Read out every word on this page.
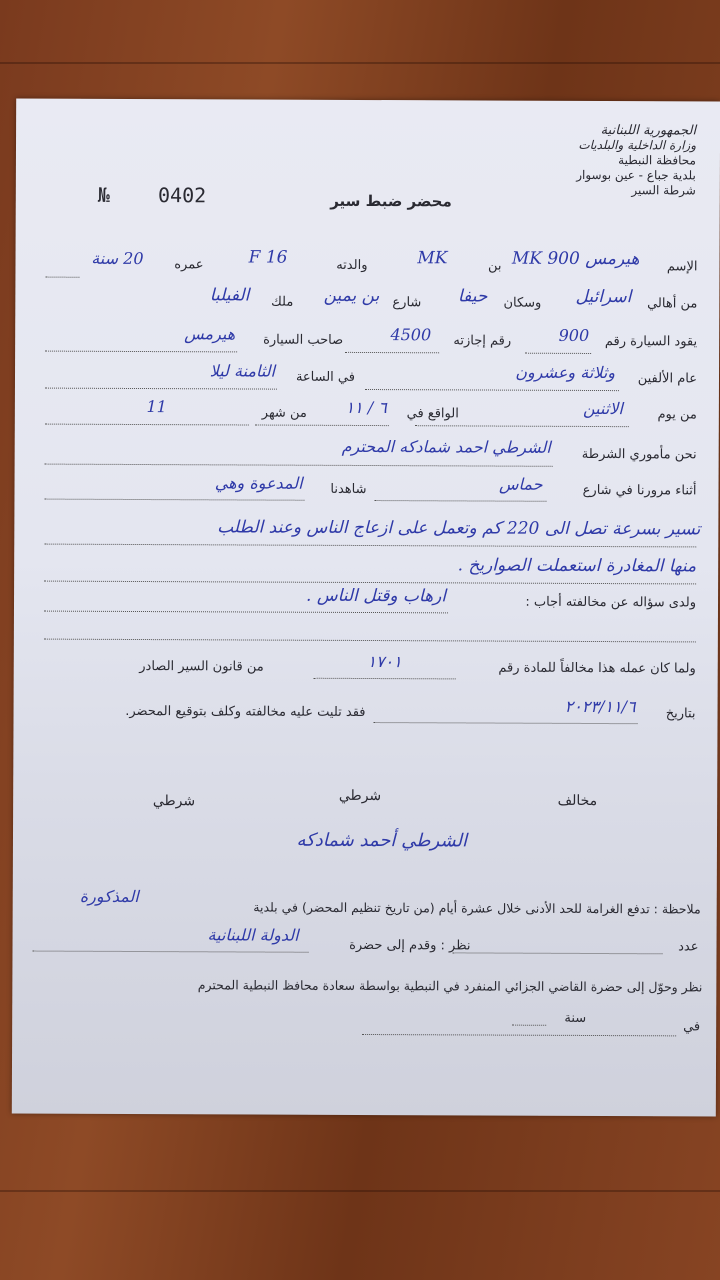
الجمهورية اللبنانية
وزارة الداخلية والبلديات
محافظة النبطية
بلدية جباع - عين بوسوار
شرطة السير
محضر ضبط سير
№ 0402
الإسم
هيرمس MK 900
بن
MK
والدته
F 16
عمره
20 سنة
من أهالي
اسرائيل
وسكان
حيفا
شارع
بن يمين
ملك
الفيلبا
يقود السيارة رقم
900
رقم إجازته
4500
صاحب السيارة
هيرمس
عام الألفين
وثلاثة وعشرون
في الساعة
الثامنة ليلا
من يوم
الاثنين
الواقع في
٦ / ١١
من شهر
11
نحن مأموري الشرطة
الشرطي احمد شمادكه المحترم
أثناء مرورنا في شارع
حماس
شاهدنا
المدعوة وهي
تسير بسرعة تصل الى 220 كم وتعمل على ازعاج الناس وعند الطلب
منها المغادرة استعملت الصواريخ .
ولدى سؤاله عن مخالفته أجاب :
ارهاب وقتل الناس .
ولما كان عمله هذا مخالفاً للمادة رقم
١٧٠١
من قانون السير الصادر
بتاريخ
٢٠٢٣/١١/٦
فقد تليت عليه مخالفته وكلف بتوقيع المحضر.
مخالف
شرطي
شرطي
الشرطي أحمد شمادكه
ملاحظة : تدفع الغرامة للحد الأدنى خلال عشرة أيام (من تاريخ تنظيم المحضر) في بلدية
المذكورة
عدد
نظر : وقدم إلى حضرة
الدولة اللبنانية
نظر وحوّل إلى حضرة القاضي الجزائي المنفرد في النبطية بواسطة سعادة محافظ النبطية المحترم
في
سنة
